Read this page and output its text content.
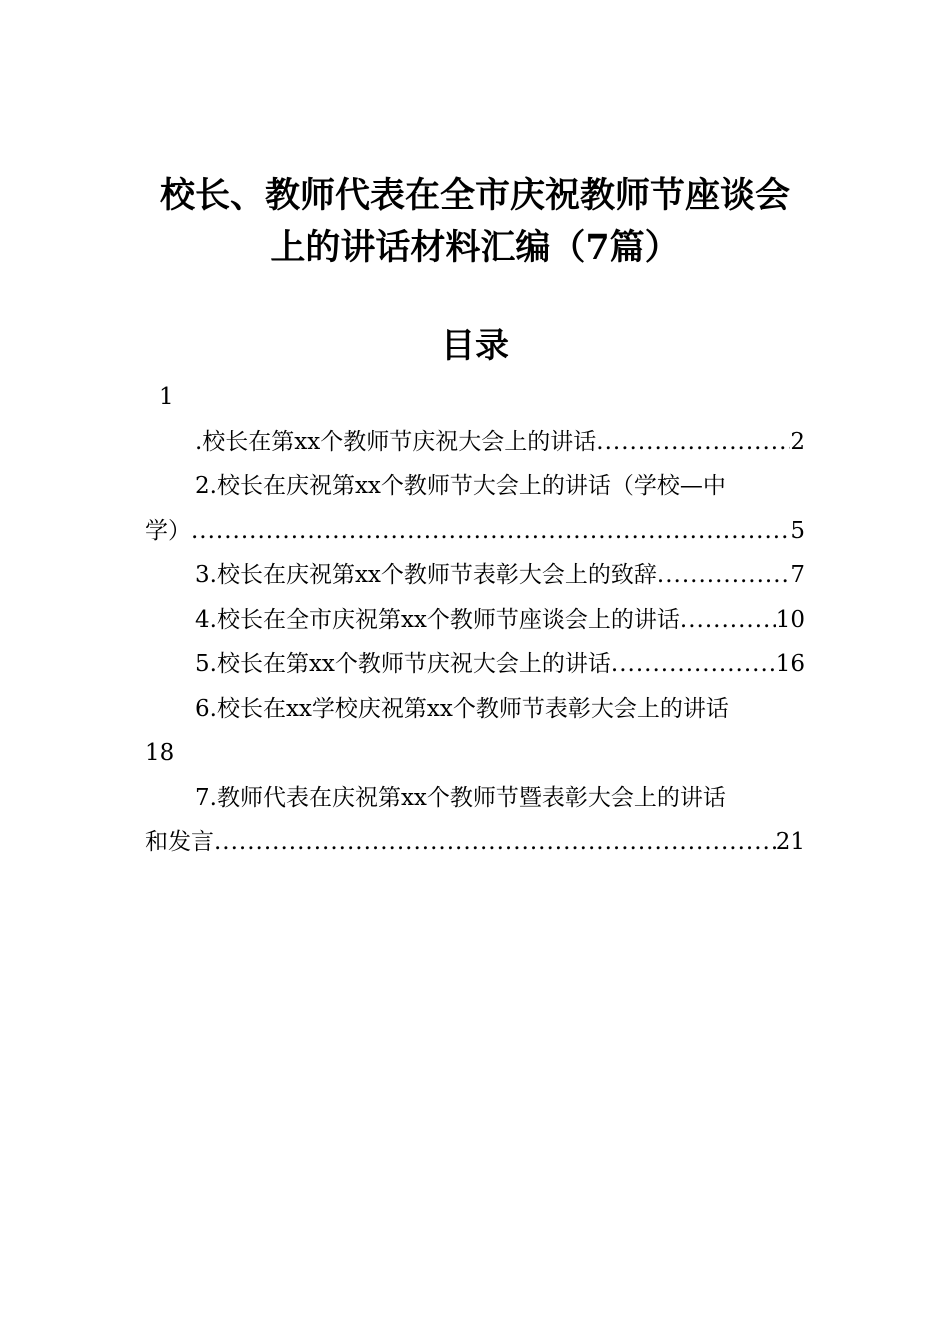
校长、教师代表在全市庆祝教师节座谈会
上的讲话材料汇编（7篇）
目录
1
.校长在第xx个教师节庆祝大会上的讲话 .....	2
2.校长在庆祝第xx个教师节大会上的讲话（学校—中
学） .....	5
3.校长在庆祝第xx个教师节表彰大会上的致辞 .....	7
4.校长在全市庆祝第xx个教师节座谈会上的讲话 .....	10
5.校长在第xx个教师节庆祝大会上的讲话 .....	16
6.校长在xx学校庆祝第xx个教师节表彰大会上的讲话
18
7.教师代表在庆祝第xx个教师节暨表彰大会上的讲话
和发言 .....	21
